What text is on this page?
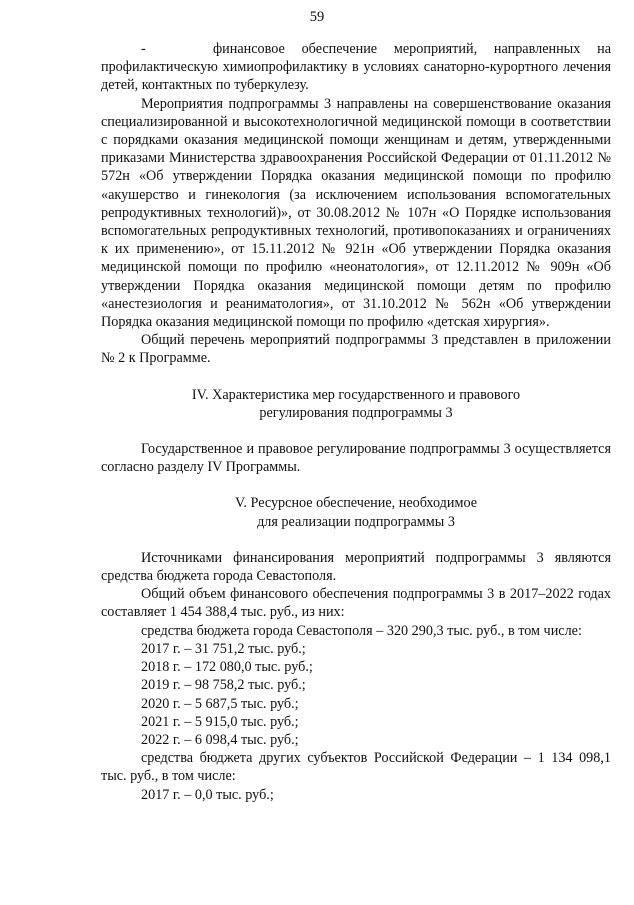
59

-    финансовое обеспечение мероприятий, направленных на профилактическую химиопрофилактику в условиях санаторно-курортного лечения детей, контактных по туберкулезу.

Мероприятия подпрограммы 3 направлены на совершенствование оказания специализированной и высокотехнологичной медицинской помощи в соответствии с порядками оказания медицинской помощи женщинам и детям, утвержденными приказами Министерства здравоохранения Российской Федерации от 01.11.2012 № 572н «Об утверждении Порядка оказания медицинской помощи по профилю «акушерство и гинекология (за исключением использования вспомогательных репродуктивных технологий)», от 30.08.2012 № 107н «О Порядке использования вспомогательных репродуктивных технологий, противопоказаниях и ограничениях к их применению», от 15.11.2012 № 921н «Об утверждении Порядка оказания медицинской помощи по профилю «неонатология», от 12.11.2012 № 909н «Об утверждении Порядка оказания медицинской помощи детям по профилю «анестезиология и реаниматология», от 31.10.2012 № 562н «Об утверждении Порядка оказания медицинской помощи по профилю «детская хирургия».

Общий перечень мероприятий подпрограммы 3 представлен в приложении № 2 к Программе.

IV. Характеристика мер государственного и правового

регулирования подпрограммы 3

Государственное и правовое регулирование подпрограммы 3 осуществляется согласно разделу IV Программы.

V. Ресурсное обеспечение, необходимое

для реализации подпрограммы 3

Источниками финансирования мероприятий подпрограммы 3 являются средства бюджета города Севастополя.

Общий объем финансового обеспечения подпрограммы 3 в 2017–2022 годах составляет 1 454 388,4 тыс. руб., из них:

средства бюджета города Севастополя – 320 290,3 тыс. руб., в том числе:

2017 г. – 31 751,2 тыс. руб.;
2018 г. – 172 080,0 тыс. руб.;
2019 г. – 98 758,2 тыс. руб.;
2020 г. – 5 687,5 тыс. руб.;
2021 г. – 5 915,0 тыс. руб.;
2022 г. – 6 098,4 тыс. руб.;

средства бюджета других субъектов Российской Федерации – 1 134 098,1 тыс. руб., в том числе:

2017 г. – 0,0 тыс. руб.;
